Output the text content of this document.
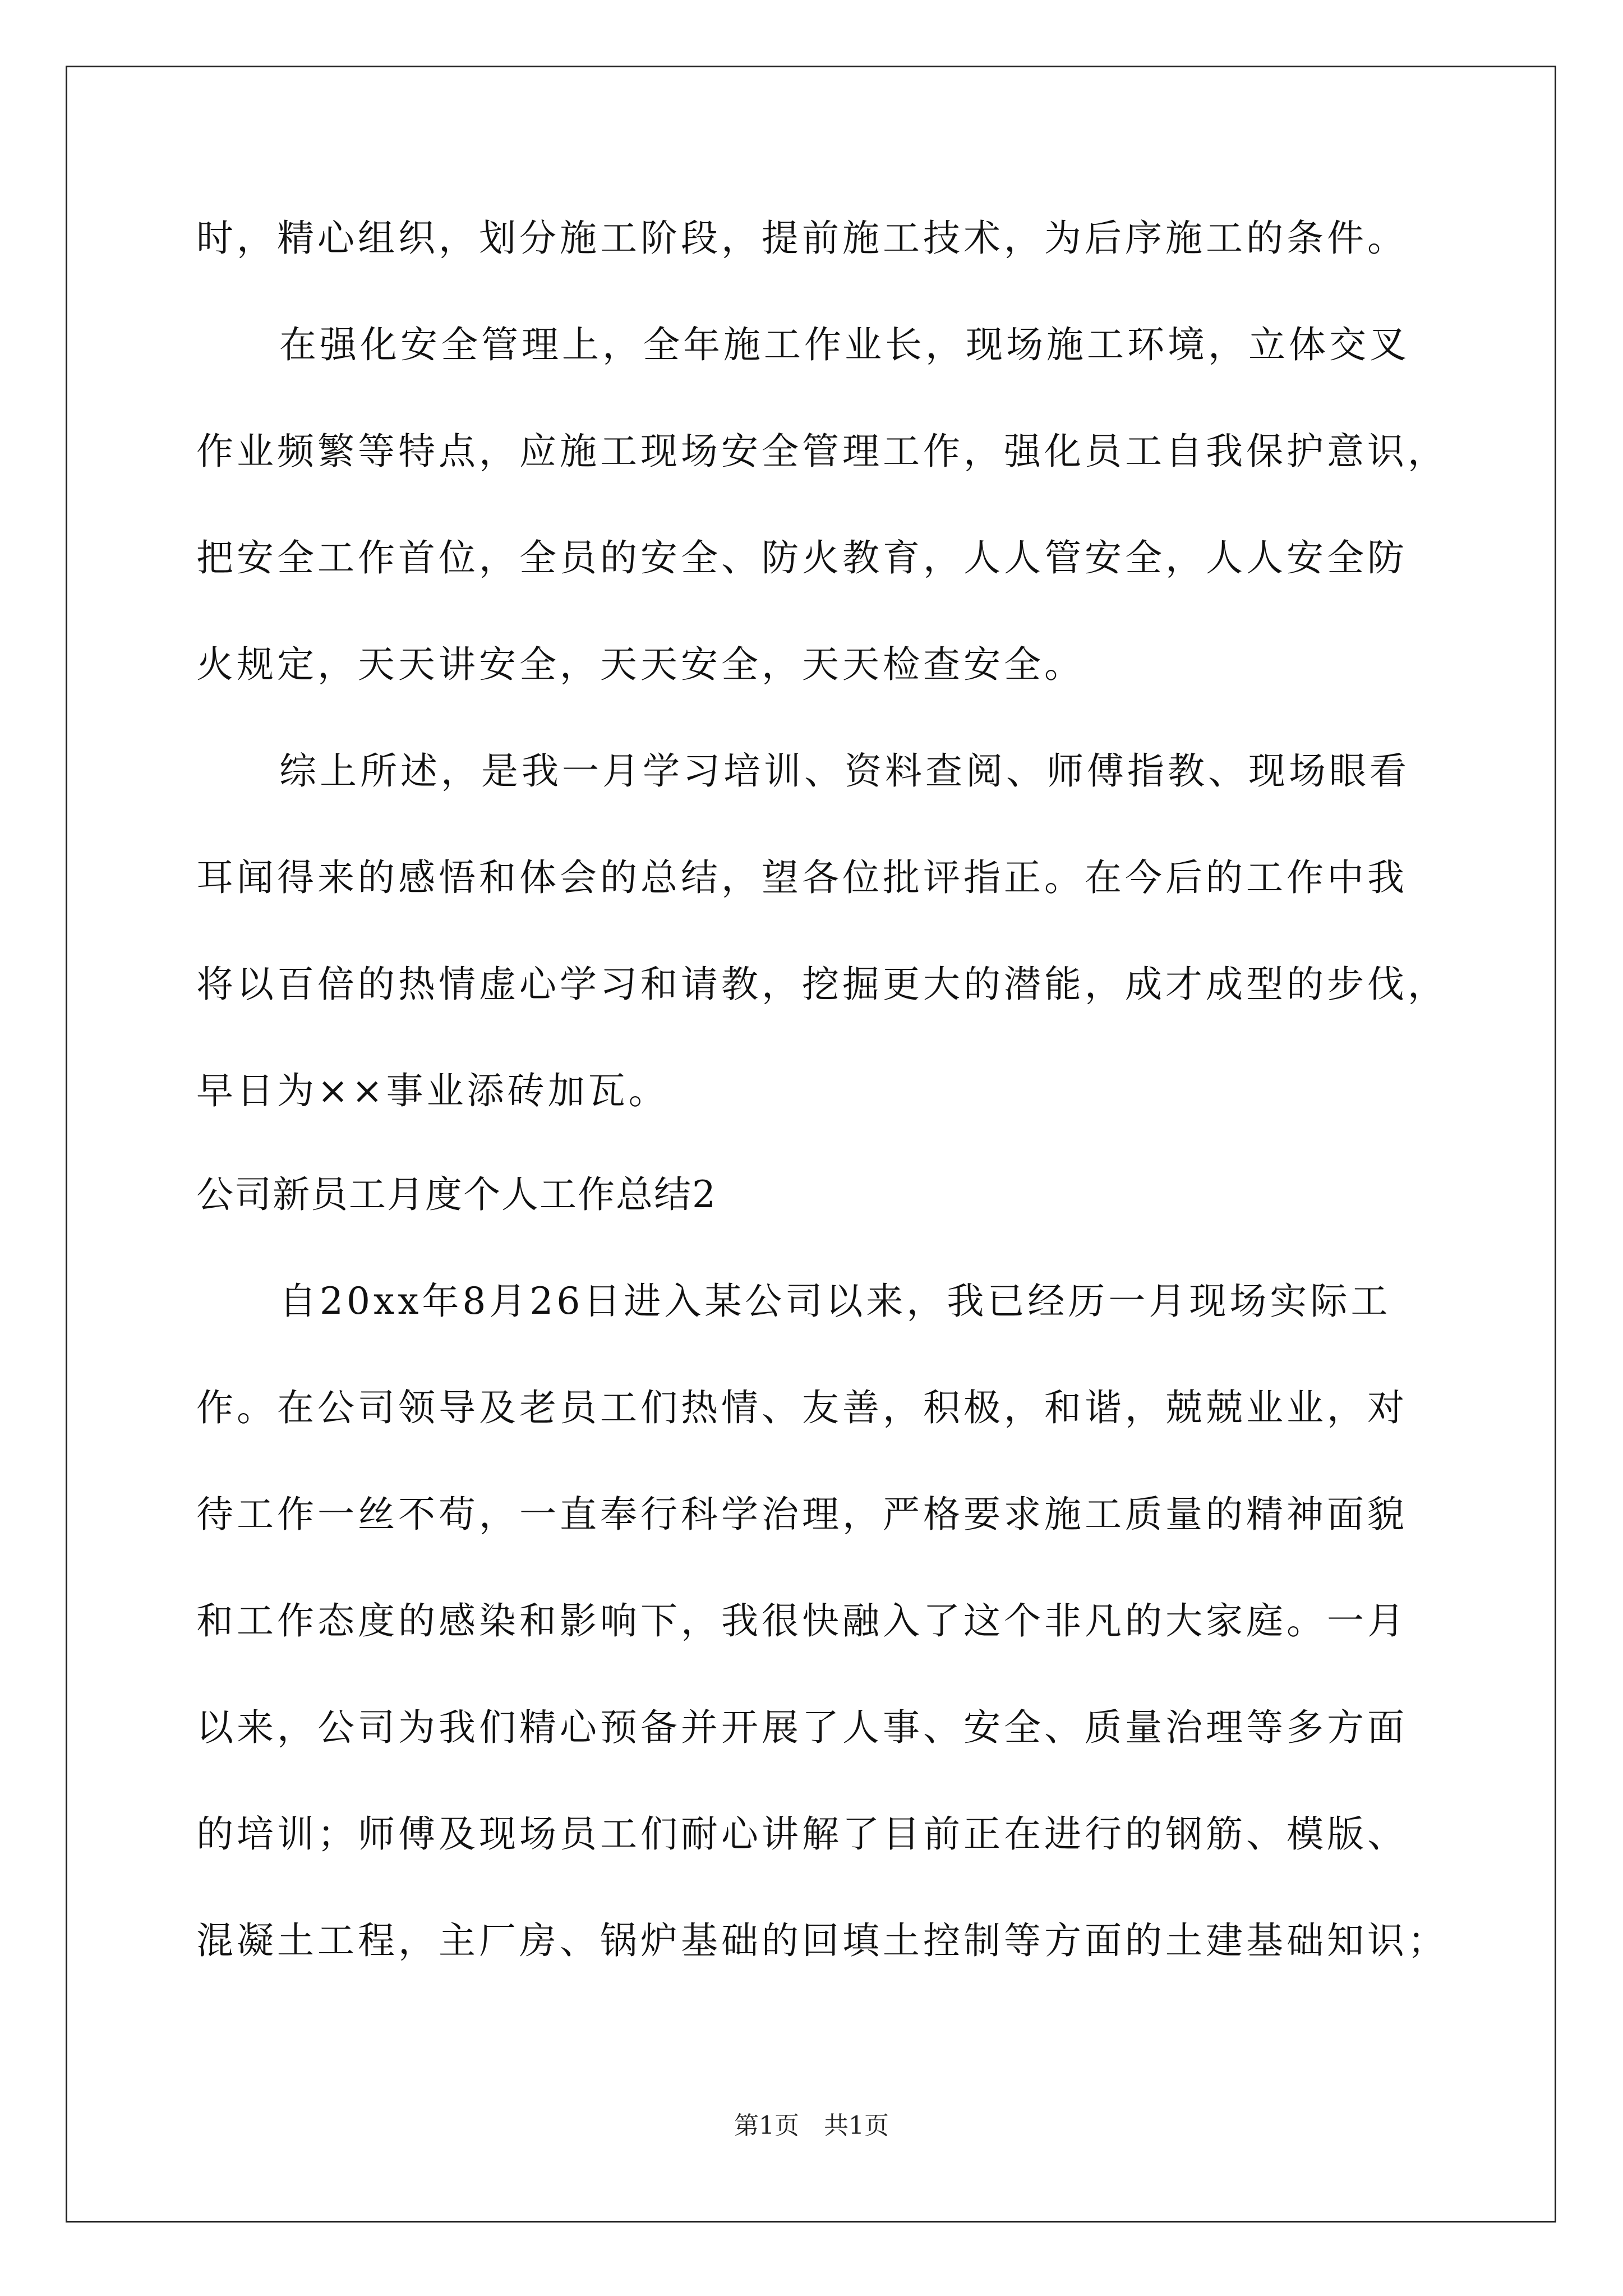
时，精心组织，划分施工阶段，提前施工技术，为后序施工的条件。
在强化安全管理上，全年施工作业长，现场施工环境，立体交叉
作业频繁等特点，应施工现场安全管理工作，强化员工自我保护意识，
把安全工作首位，全员的安全、防火教育，人人管安全，人人安全防
火规定，天天讲安全，天天安全，天天检查安全。
综上所述，是我一月学习培训、资料查阅、师傅指教、现场眼看
耳闻得来的感悟和体会的总结，望各位批评指正。在今后的工作中我
将以百倍的热情虚心学习和请教，挖掘更大的潜能，成才成型的步伐，
早日为××事业添砖加瓦。
公司新员工月度个人工作总结2
自20xx年8月26日进入某公司以来，我已经历一月现场实际工
作。在公司领导及老员工们热情、友善，积极，和谐，兢兢业业，对
待工作一丝不苟，一直奉行科学治理，严格要求施工质量的精神面貌
和工作态度的感染和影响下，我很快融入了这个非凡的大家庭。一月
以来，公司为我们精心预备并开展了人事、安全、质量治理等多方面
的培训；师傅及现场员工们耐心讲解了目前正在进行的钢筋、模版、
混凝土工程，主厂房、锅炉基础的回填土控制等方面的土建基础知识；
第1页　共1页
